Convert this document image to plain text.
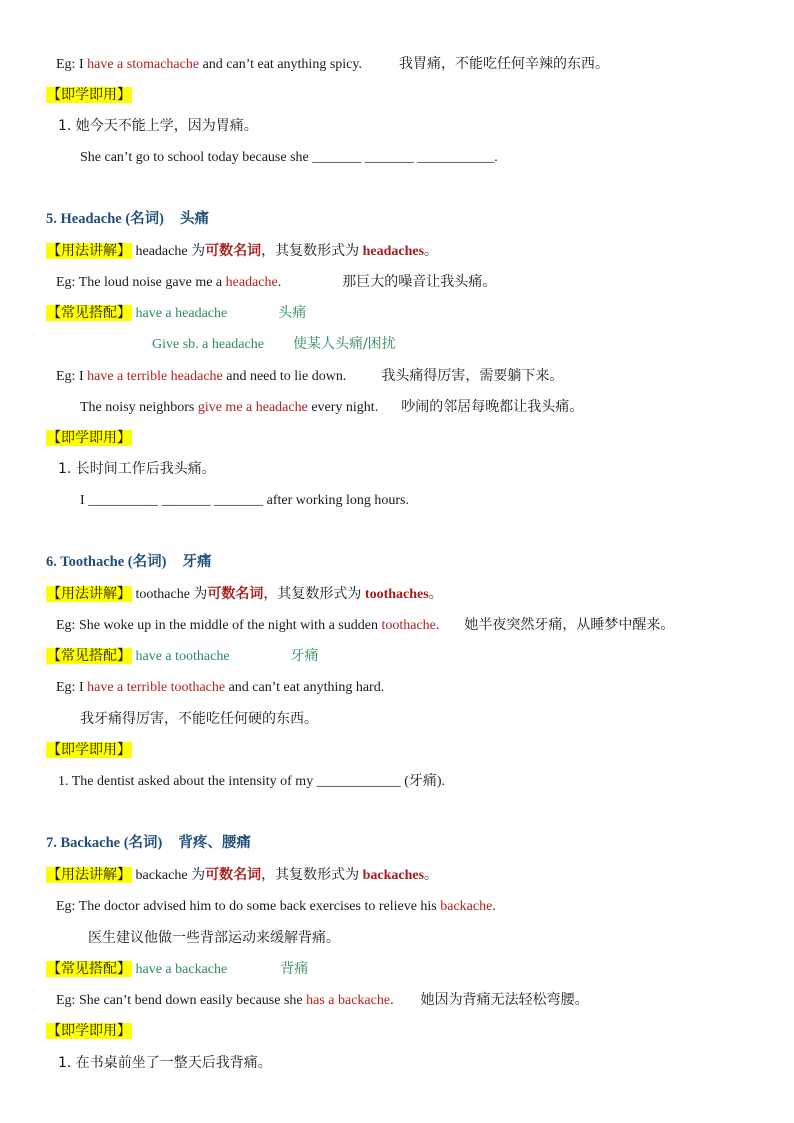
Eg: I have a stomachache and can’t eat anything spicy.	我胃痛，不能吃任何辛辣的东西。
【即学即用】
1. 她今天不能上学，因为胃痛。
She can’t go to school today because she _______ _______ ___________.
5. Headache (名词) 头痛
【用法讲解】 headache 为可数名词，其复数形式为 headaches。
Eg: The loud noise gave me a headache.	那巨大的噪音让我头痛。
【常见搭配】 have a headache	头痛
Give sb. a headache 使某人头痛/困扰
Eg: I have a terrible headache and need to lie down.	我头痛得厉害，需要躺下来。
The noisy neighbors give me a headache every night. 吵闹的邻居每晚都让我头痛。
【即学即用】
1. 长时间工作后我头痛。
I __________ _______ _______ after working long hours.
6. Toothache (名词) 牙痛
【用法讲解】 toothache 为可数名词，其复数形式为 toothaches。
Eg: She woke up in the middle of the night with a sudden toothache. 她半夜突然牙痛，从睡梦中醒来。
【常见搭配】 have a toothache	牙痛
Eg: I have a terrible toothache and can’t eat anything hard.
我牙痛得厉害，不能吃任何硬的东西。
【即学即用】
1. The dentist asked about the intensity of my ____________ (牙痛).
7. Backache (名词) 背疼、腰痛
【用法讲解】 backache 为可数名词，其复数形式为 backaches。
Eg: The doctor advised him to do some back exercises to relieve his backache.
医生建议他做一些背部运动来缓解背痛。
【常见搭配】 have a backache	背痛
Eg: She can’t bend down easily because she has a backache. 她因为背痛无法轻松弯腰。
【即学即用】
1. 在书桌前坐了一整天后我背痛。
